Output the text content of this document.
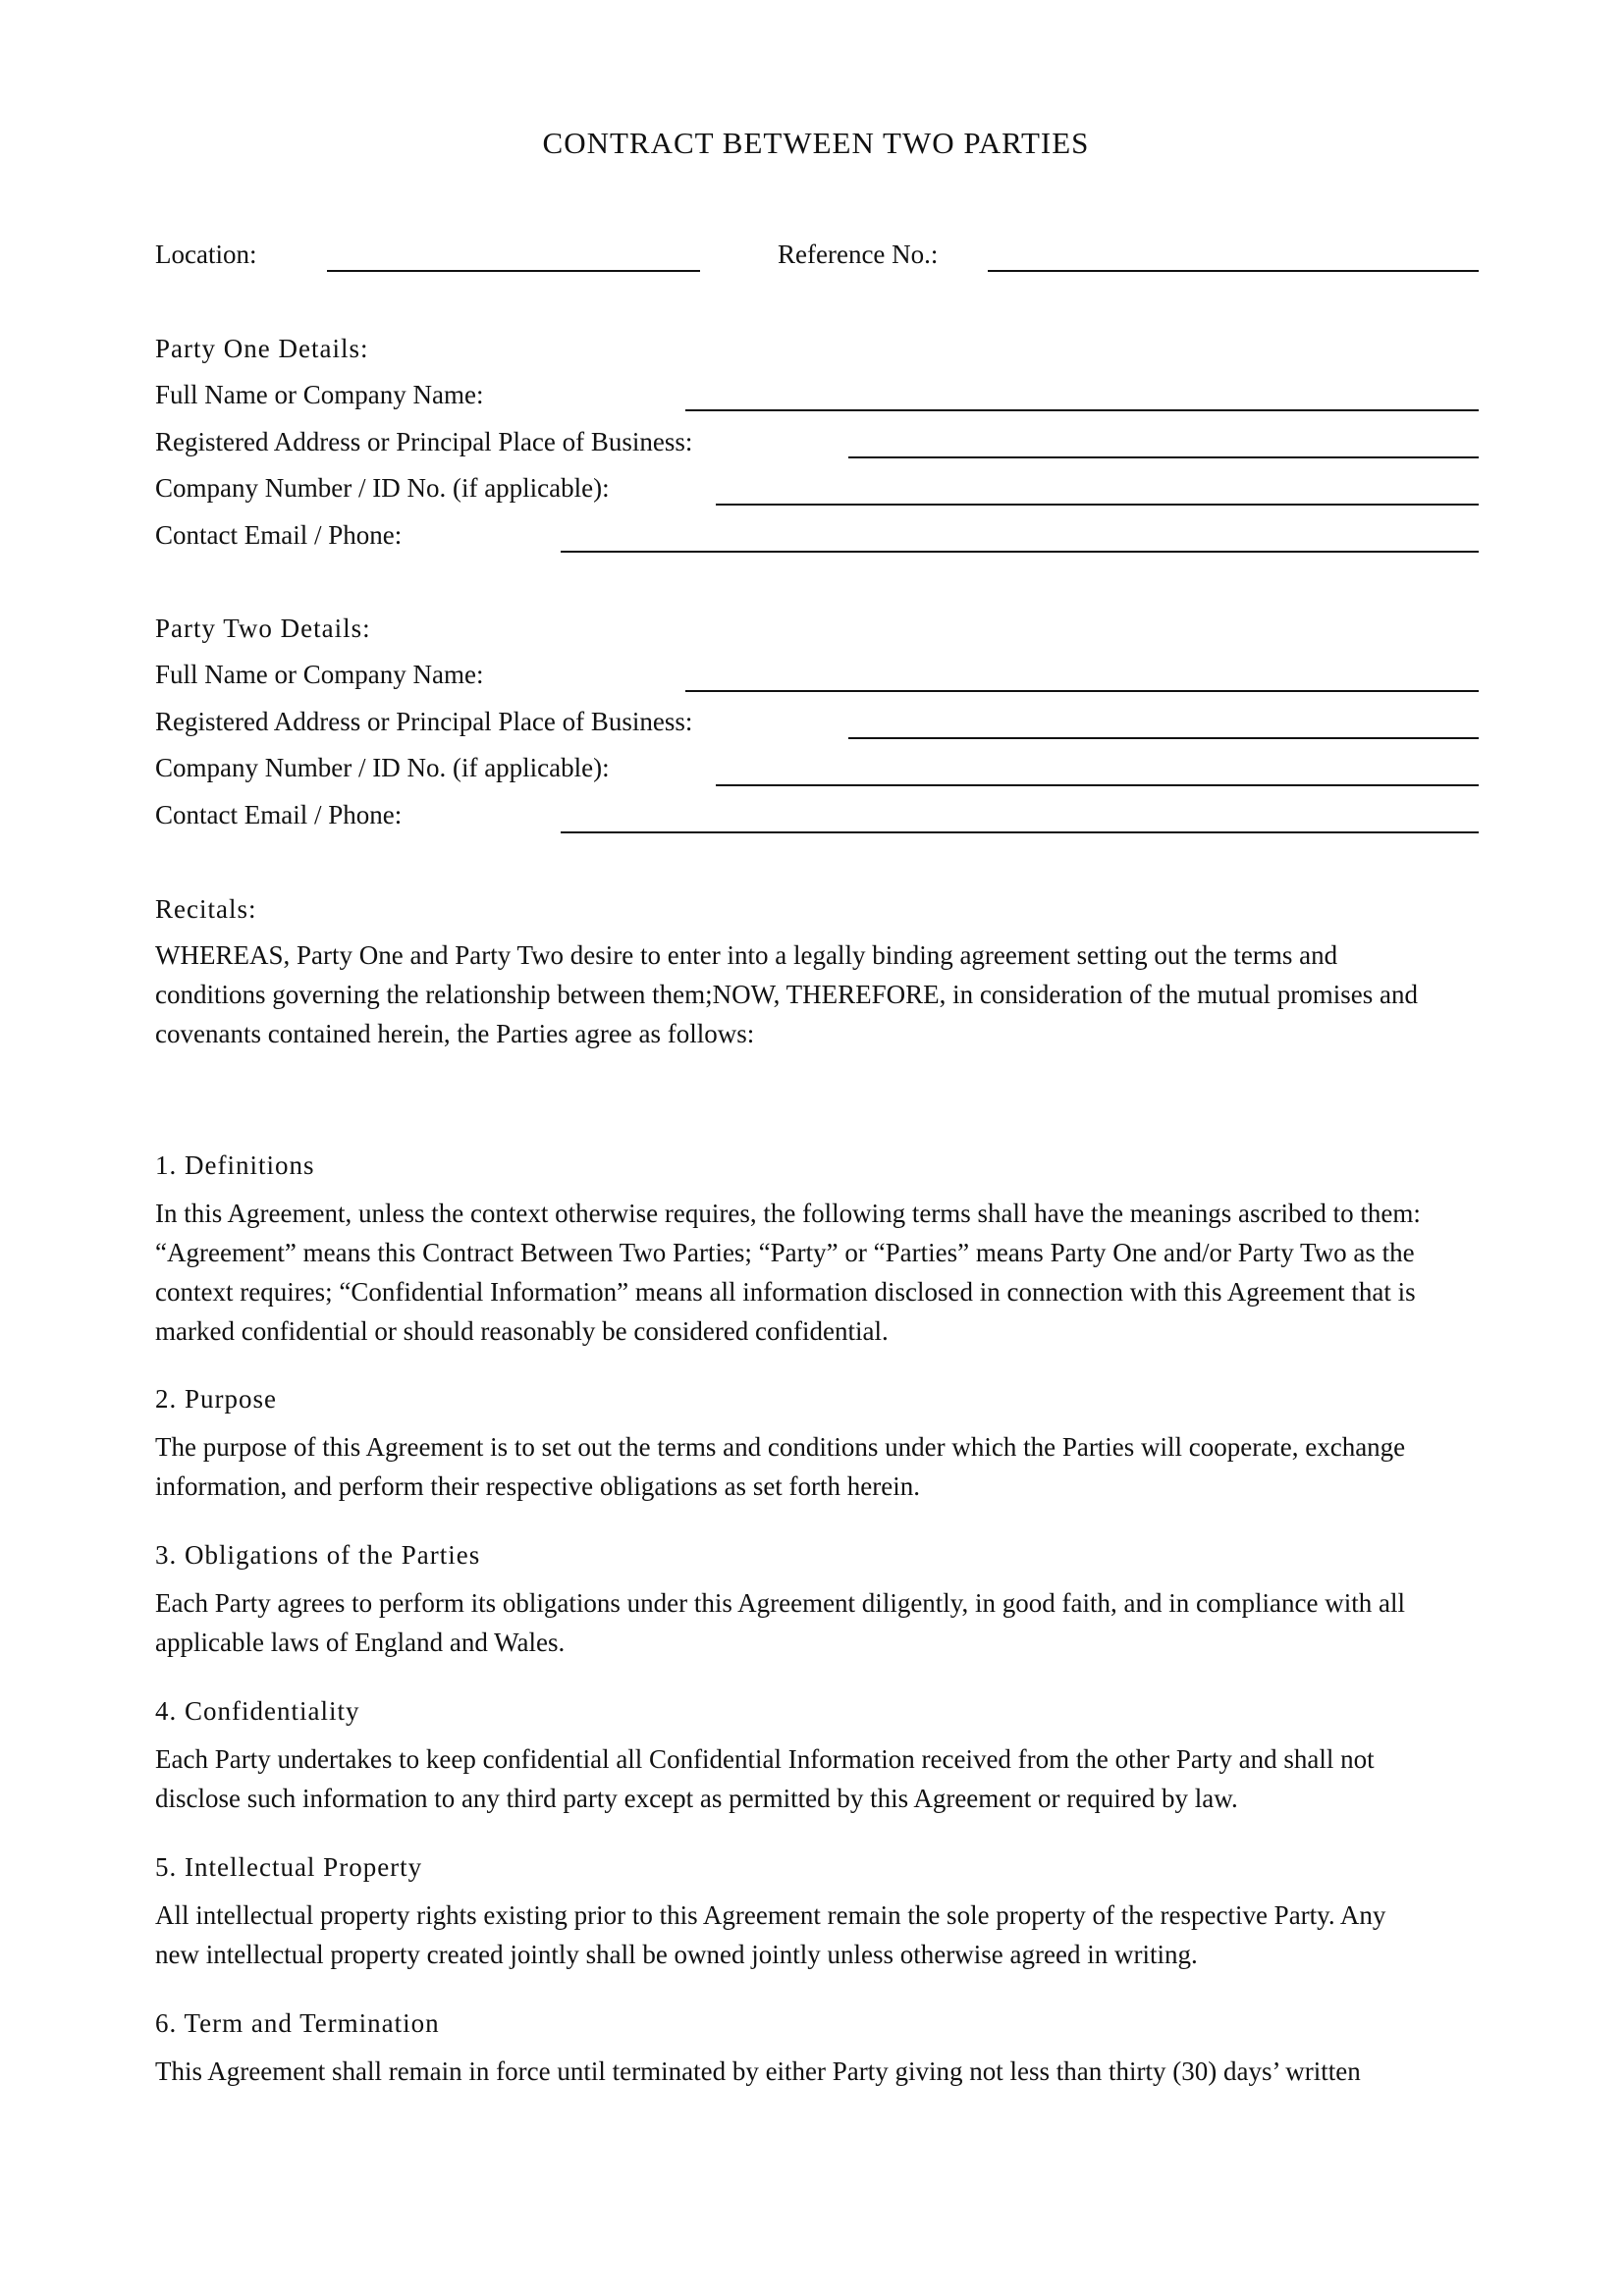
CONTRACT BETWEEN TWO PARTIES
Location:	Reference No.:
Party One Details:
Full Name or Company Name:
Registered Address or Principal Place of Business:
Company Number / ID No. (if applicable):
Contact Email / Phone:
Party Two Details:
Full Name or Company Name:
Registered Address or Principal Place of Business:
Company Number / ID No. (if applicable):
Contact Email / Phone:
Recitals:
WHEREAS, Party One and Party Two desire to enter into a legally binding agreement setting out the terms and
conditions governing the relationship between them;NOW, THEREFORE, in consideration of the mutual promises and
covenants contained herein, the Parties agree as follows:
1. Definitions
In this Agreement, unless the context otherwise requires, the following terms shall have the meanings ascribed to them:
“Agreement” means this Contract Between Two Parties; “Party” or “Parties” means Party One and/or Party Two as the
context requires; “Confidential Information” means all information disclosed in connection with this Agreement that is
marked confidential or should reasonably be considered confidential.
2. Purpose
The purpose of this Agreement is to set out the terms and conditions under which the Parties will cooperate, exchange
information, and perform their respective obligations as set forth herein.
3. Obligations of the Parties
Each Party agrees to perform its obligations under this Agreement diligently, in good faith, and in compliance with all
applicable laws of England and Wales.
4. Confidentiality
Each Party undertakes to keep confidential all Confidential Information received from the other Party and shall not
disclose such information to any third party except as permitted by this Agreement or required by law.
5. Intellectual Property
All intellectual property rights existing prior to this Agreement remain the sole property of the respective Party. Any
new intellectual property created jointly shall be owned jointly unless otherwise agreed in writing.
6. Term and Termination
This Agreement shall remain in force until terminated by either Party giving not less than thirty (30) days’ written
